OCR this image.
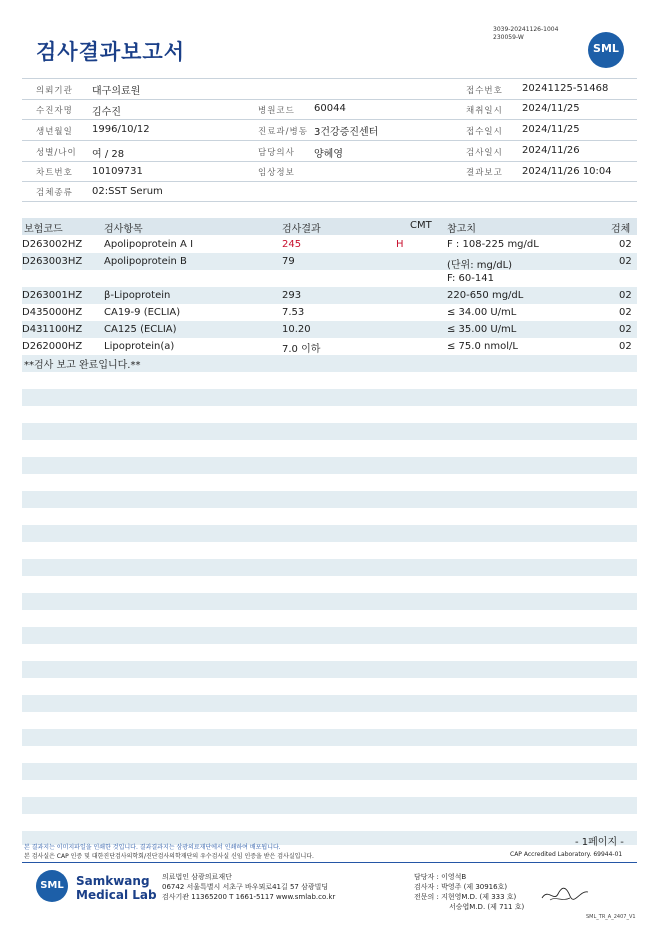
검사결과보고서
3039-20241126-1004
230059-W
SML
의뢰기관 대구의료원	접수번호 20241125-51468
수진자명 김수진	병원코드 60044	채취일시 2024/11/25
생년월일 1996/10/12	진료과/병동 3건강증진센터	접수일시 2024/11/25
성별/나이 여 / 28	담당의사 양혜영	검사일시 2024/11/26
차트번호 10109731	임상정보	결과보고 2024/11/26 10:04
검체종류 02:SST Serum
보험코드	검사항목	검사결과	CMT 참고치	검체
D263002HZ Apolipoprotein A I	245	H	F : 108-225 mg/dL	02
D263003HZ Apolipoprotein B	79	(단위: mg/dL)	02
F: 60-141
D263001HZ β-Lipoprotein	293	220-650 mg/dL	02
D435000HZ CA19-9 (ECLIA)	7.53	≤ 34.00 U/mL	02
D431100HZ CA125 (ECLIA)	10.20	≤ 35.00 U/mL	02
D262000HZ Lipoprotein(a)	7.0 이하	≤ 75.0 nmol/L	02
**검사 보고 완료입니다.**
- 1페이지 -
본 결과지는 이미지파일을 인쇄한 것입니다. 결과결과지는 삼광의료재단에서 인쇄하여 배포됩니다.
본 검사실은 CAP 인증 및 대한진단검사의학회/진단검사의학재단의 우수검사실 신임 인증을 받은 검사실입니다.	CAP Accredited Laboratory. 69944-01
SML	Samkwang
Medical Lab
의료법인 삼광의료재단
06742 서울특별시 서초구 바우뫼로41길 57 삼광빌딩
검사기관 11365200 T 1661-5117 www.smlab.co.kr
담당자 : 이영석B
검사자 : 박영주 (제 30916호)
전문의 : 지현영M.D. (제 333 호)
서승엽M.D. (제 711 호)
SML_TR_A_2407_V1
